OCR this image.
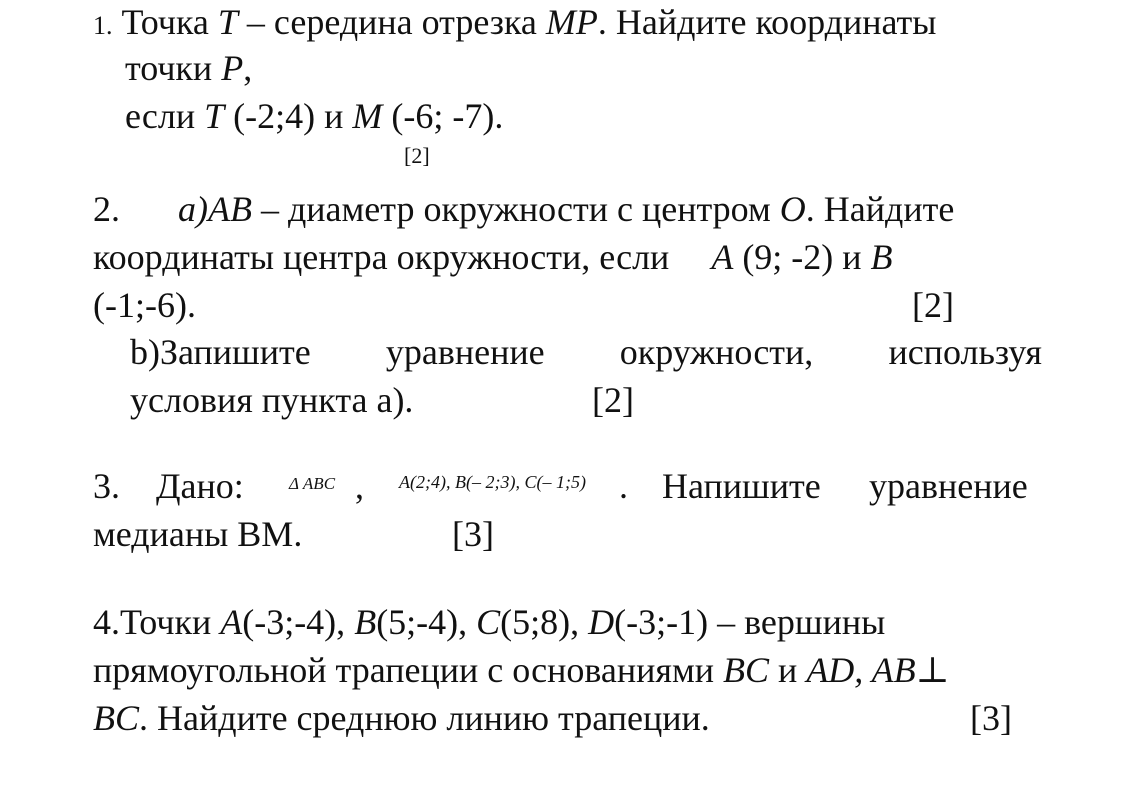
1. Точка T – середина отрезка MP. Найдите координаты
точки P,
если T (-2;4) и M (-6; -7).
[2]
2. a)AB – диаметр окружности с центром O. Найдите
координаты центра окружности, если A (9; -2) и B
(-1;-6).	[2]
b)Запишите уравнение окружности, используя
условия пункта а).	[2]
3. Дано:	Δ ABC , A(2;4), B(– 2;3), C(– 1;5) . Напишите уравнение
медианы ВМ.	[3]
4.Точки A(-3;-4), B(5;-4), C(5;8), D(-3;-1) – вершины
прямоугольной трапеции с основаниями BC и AD, AB⊥
BC. Найдите среднюю линию трапеции.	[3]
